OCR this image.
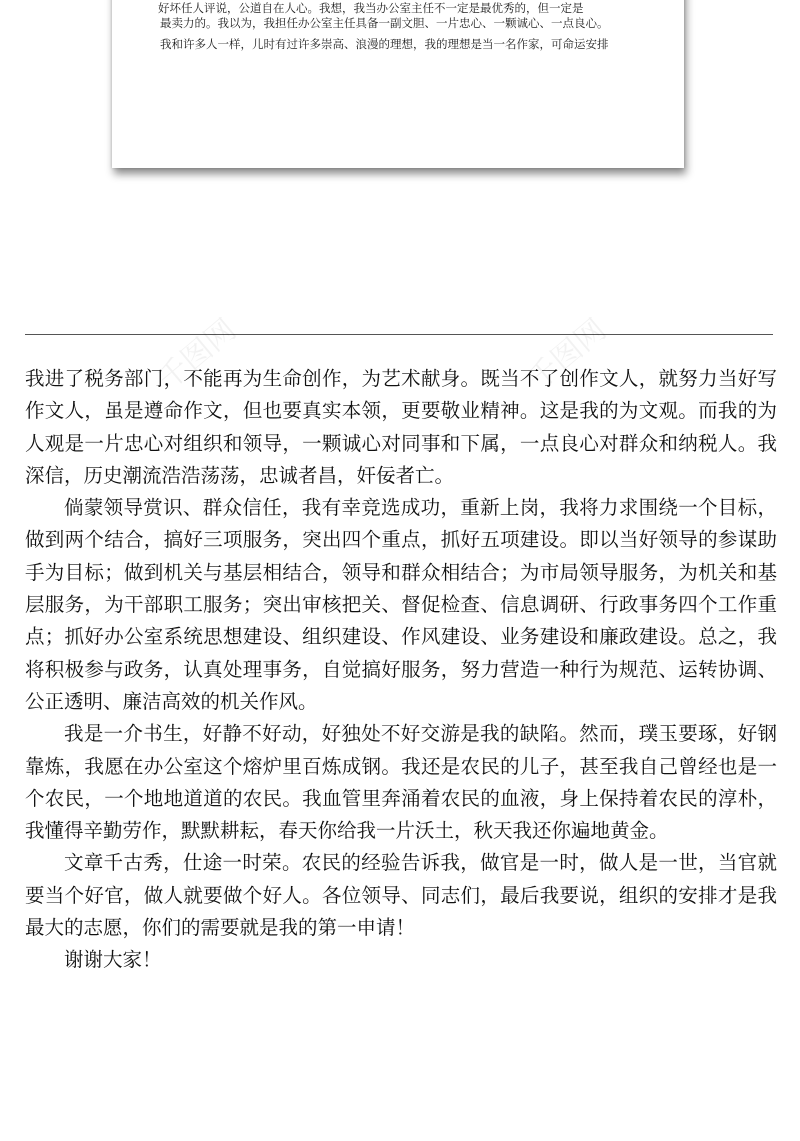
好坏任人评说，公道自在人心。我想，我当办公室主任不一定是最优秀的，但一定是
最卖力的。我以为，我担任办公室主任具备一副文胆、一片忠心、一颗诚心、一点良心。
我和许多人一样，儿时有过许多崇高、浪漫的理想，我的理想是当一名作家，可命运安排
千图网	千图网

我进了税务部门，不能再为生命创作，为艺术献身。既当不了创作文人，就努力当好写作文人，虽是遵命作文，但也要真实本领，更要敬业精神。这是我的为文观。而我的为人观是一片忠心对组织和领导，一颗诚心对同事和下属，一点良心对群众和纳税人。我深信，历史潮流浩浩荡荡，忠诚者昌，奸佞者亡。

倘蒙领导赏识、群众信任，我有幸竞选成功，重新上岗，我将力求围绕一个目标，做到两个结合，搞好三项服务，突出四个重点，抓好五项建设。即以当好领导的参谋助手为目标；做到机关与基层相结合，领导和群众相结合；为市局领导服务，为机关和基层服务，为干部职工服务；突出审核把关、督促检查、信息调研、行政事务四个工作重点；抓好办公室系统思想建设、组织建设、作风建设、业务建设和廉政建设。总之，我将积极参与政务，认真处理事务，自觉搞好服务，努力营造一种行为规范、运转协调、公正透明、廉洁高效的机关作风。

我是一介书生，好静不好动，好独处不好交游是我的缺陷。然而，璞玉要琢，好钢靠炼，我愿在办公室这个熔炉里百炼成钢。我还是农民的儿子，甚至我自己曾经也是一个农民，一个地地道道的农民。我血管里奔涌着农民的血液，身上保持着农民的淳朴，我懂得辛勤劳作，默默耕耘，春天你给我一片沃土，秋天我还你遍地黄金。

文章千古秀，仕途一时荣。农民的经验告诉我，做官是一时，做人是一世，当官就要当个好官，做人就要做个好人。各位领导、同志们，最后我要说，组织的安排才是我最大的志愿，你们的需要就是我的第一申请！

谢谢大家！
